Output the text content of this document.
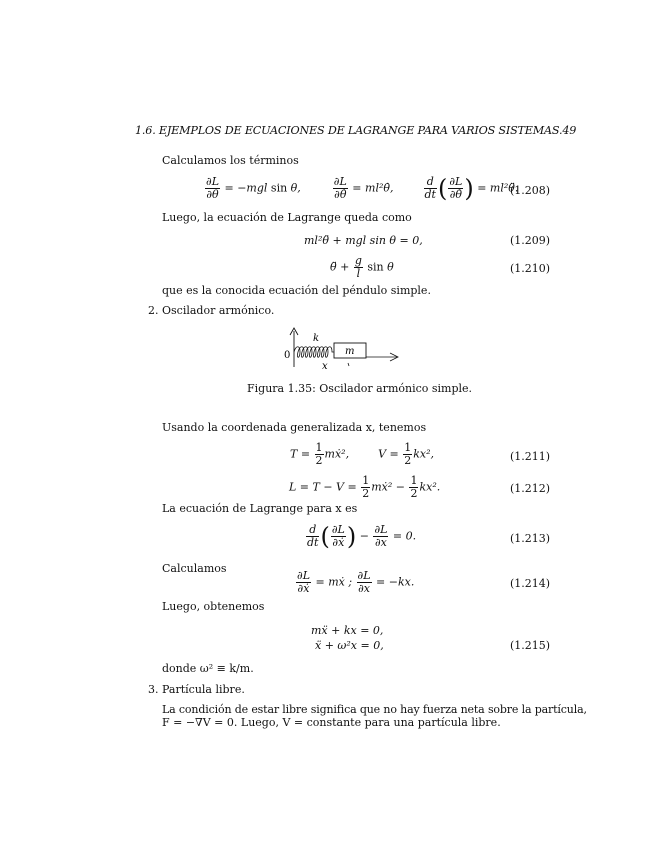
1.6. EJEMPLOS DE ECUACIONES DE LAGRANGE PARA VARIOS SISTEMAS.49
Calculamos los términos
$\frac{\partial L}{\partial\theta} = -mgl$ sin θ,	$\frac{\partial L}{\partial\thetȧ}$ = ml²θ̇,	$\frac{d}{dt}$ ( $\frac{\partial L}{\partial\thetȧ}$ ) = ml²θ̈.
(1.208)
Luego, la ecuación de Lagrange queda como
ml²θ̈ + mgl sin θ = 0,	(1.209)
θ̈ + $\frac{g}{l}$ sin θ	(1.210)
que es la conocida ecuación del péndulo simple.
2. Oscilador armónico.
k
0	m
x
Figura 1.35: Oscilador armónico simple.
Usando la coordenada generalizada x, tenemos
$T = \frac{1}{2}$ mẋ²,	$V = \frac{1}{2} kx^2$,	(1.211)
$L = T - V = \frac{1}{2}$ mẋ² − $\frac{1}{2} kx^2$.	(1.212)
La ecuación de Lagrange para x es
$\frac{d}{dt}$ ( $\frac{\partial L}{\text{∂ẋ}}$ ) − $\frac{\partial L}{\partial x} = 0$.	(1.213)
Calculamos
$\frac{\partial L}{\text{∂ẋ}}$ = mẋ ; $\frac{\partial L}{\partial x} = -kx$.	(1.214)
Luego, obtenemos
mẍ + kx = 0,
ẍ + ω²x = 0,	(1.215)
donde ω² ≡ k/m.
3. Partícula libre.
La condición de estar libre significa que no hay fuerza neta sobre la partícula,
F = −∇V = 0. Luego, V = constante para una partícula libre.
